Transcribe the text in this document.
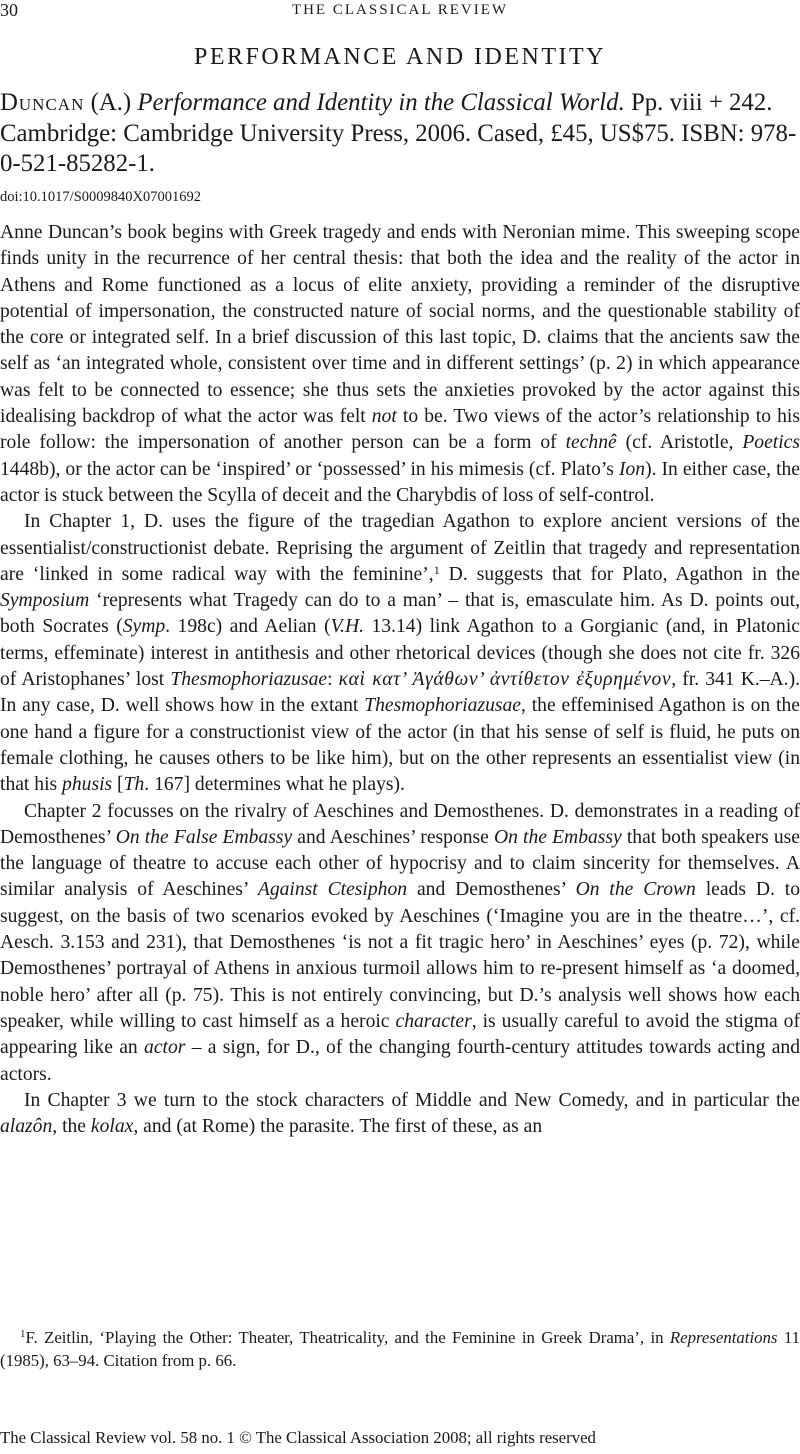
30	THE CLASSICAL REVIEW
PERFORMANCE AND IDENTITY
Duncan (A.) Performance and Identity in the Classical World. Pp. viii + 242. Cambridge: Cambridge University Press, 2006. Cased, £45, US$75. ISBN: 978-0-521-85282-1.
doi:10.1017/S0009840X07001692

Anne Duncan’s book begins with Greek tragedy and ends with Neronian mime. This sweeping scope finds unity in the recurrence of her central thesis: that both the idea and the reality of the actor in Athens and Rome functioned as a locus of elite anxiety, providing a reminder of the disruptive potential of impersonation, the constructed nature of social norms, and the questionable stability of the core or integrated self. In a brief discussion of this last topic, D. claims that the ancients saw the self as ‘an integrated whole, consistent over time and in different settings’ (p. 2) in which appearance was felt to be connected to essence; she thus sets the anxieties provoked by the actor against this idealising backdrop of what the actor was felt not to be. Two views of the actor’s relationship to his role follow: the impersonation of another person can be a form of technê (cf. Aristotle, Poetics 1448b), or the actor can be ‘inspired’ or ‘possessed’ in his mimesis (cf. Plato’s Ion). In either case, the actor is stuck between the Scylla of deceit and the Charybdis of loss of self-control.

In Chapter 1, D. uses the figure of the tragedian Agathon to explore ancient versions of the essentialist/constructionist debate. Reprising the argument of Zeitlin that tragedy and representation are ‘linked in some radical way with the feminine’,$^1$ D. suggests that for Plato, Agathon in the Symposium ‘represents what Tragedy can do to a man’ – that is, emasculate him. As D. points out, both Socrates (Symp. 198c) and Aelian (V.H. 13.14) link Agathon to a Gorgianic (and, in Platonic terms, effeminate) interest in antithesis and other rhetorical devices (though she does not cite fr. 326 of Aristophanes’ lost Thesmophoriazusae: καὶ κατ’ Ἀγάθων’ ἀντίθετον ἐξυρημένον, fr. 341 K.–A.). In any case, D. well shows how in the extant Thesmophoriazusae, the effeminised Agathon is on the one hand a figure for a constructionist view of the actor (in that his sense of self is fluid, he puts on female clothing, he causes others to be like him), but on the other represents an essentialist view (in that his phusis [Th. 167] determines what he plays).

Chapter 2 focusses on the rivalry of Aeschines and Demosthenes. D. demonstrates in a reading of Demosthenes’ On the False Embassy and Aeschines’ response On the Embassy that both speakers use the language of theatre to accuse each other of hypocrisy and to claim sincerity for themselves. A similar analysis of Aeschines’ Against Ctesiphon and Demosthenes’ On the Crown leads D. to suggest, on the basis of two scenarios evoked by Aeschines (‘Imagine you are in the theatre…’, cf. Aesch. 3.153 and 231), that Demosthenes ‘is not a fit tragic hero’ in Aeschines’ eyes (p. 72), while Demosthenes’ portrayal of Athens in anxious turmoil allows him to re-present himself as ‘a doomed, noble hero’ after all (p. 75). This is not entirely convincing, but D.’s analysis well shows how each speaker, while willing to cast himself as a heroic character, is usually careful to avoid the stigma of appearing like an actor – a sign, for D., of the changing fourth-century attitudes towards acting and actors.

In Chapter 3 we turn to the stock characters of Middle and New Comedy, and in particular the alazôn, the kolax, and (at Rome) the parasite. The first of these, as an

$^1$F. Zeitlin, ‘Playing the Other: Theater, Theatricality, and the Feminine in Greek Drama’, in Representations 11 (1985), 63–94. Citation from p. 66.

The Classical Review vol. 58 no. 1 © The Classical Association 2008; all rights reserved
